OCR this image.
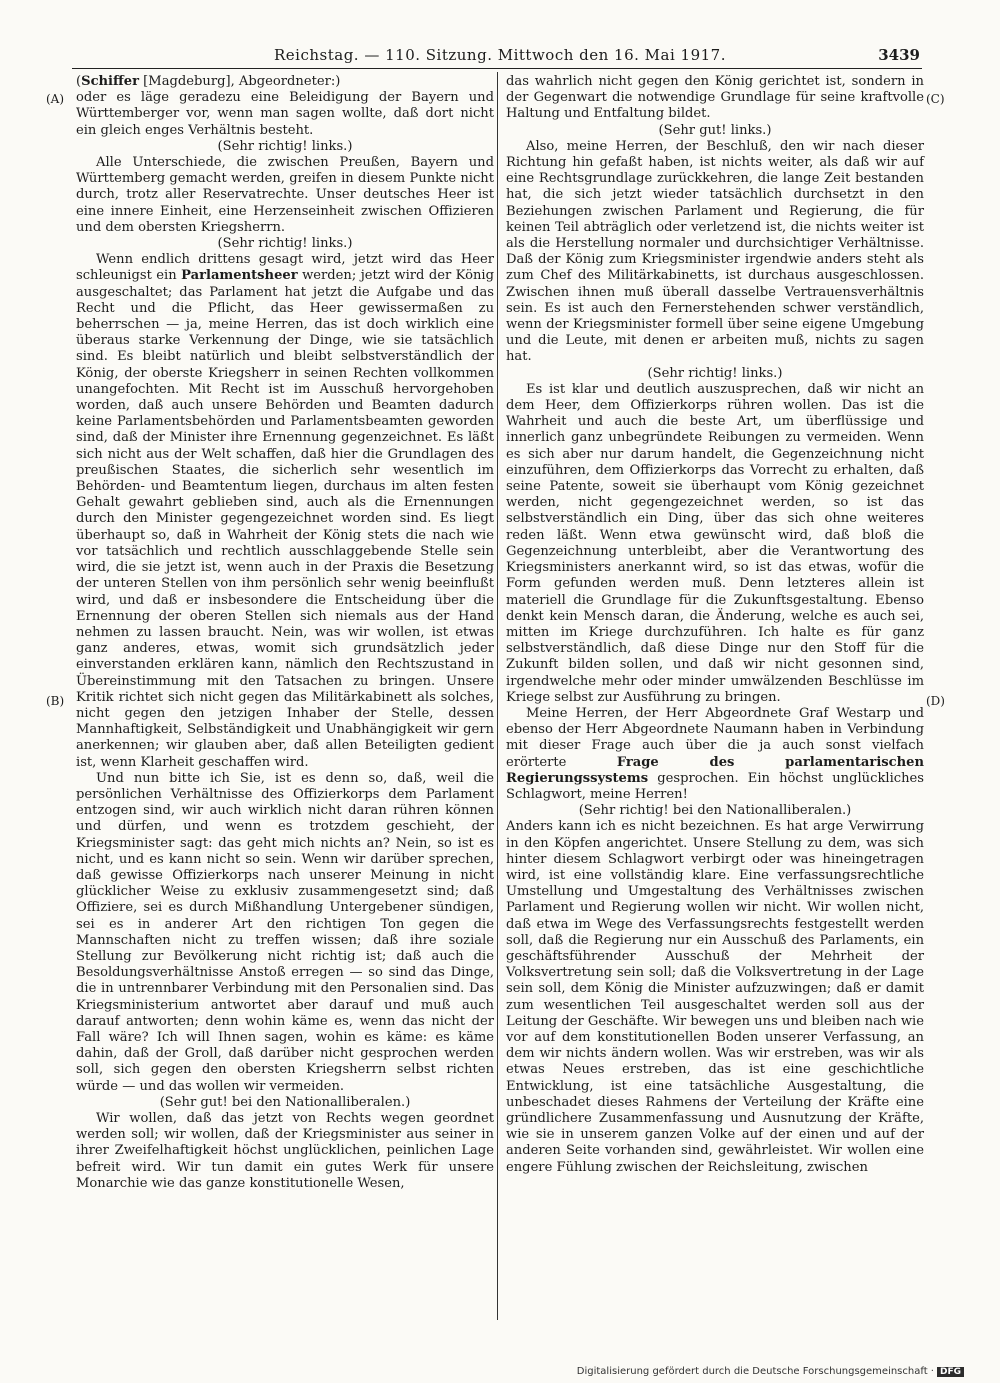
Reichstag. — 110. Sitzung. Mittwoch den 16. Mai 1917.	3439
(A)
(B)
(C)
(D)

(Schiffer [Magdeburg], Abgeordneter:)

oder es läge geradezu eine Beleidigung der Bayern und Württemberger vor, wenn man sagen wollte, daß dort nicht ein gleich enges Verhältnis besteht.

(Sehr richtig! links.)

Alle Unterschiede, die zwischen Preußen, Bayern und Württemberg gemacht werden, greifen in diesem Punkte nicht durch, trotz aller Reservatrechte. Unser deutsches Heer ist eine innere Einheit, eine Herzenseinheit zwischen Offizieren und dem obersten Kriegsherrn.

(Sehr richtig! links.)

Wenn endlich drittens gesagt wird, jetzt wird das Heer schleunigst ein Parlamentsheer werden; jetzt wird der König ausgeschaltet; das Parlament hat jetzt die Aufgabe und das Recht und die Pflicht, das Heer gewissermaßen zu beherrschen — ja, meine Herren, das ist doch wirklich eine überaus starke Verkennung der Dinge, wie sie tatsächlich sind. Es bleibt natürlich und bleibt selbstverständlich der König, der oberste Kriegsherr in seinen Rechten vollkommen unangefochten. Mit Recht ist im Ausschuß hervorgehoben worden, daß auch unsere Behörden und Beamten dadurch keine Parlamentsbehörden und Parlamentsbeamten geworden sind, daß der Minister ihre Ernennung gegenzeichnet. Es läßt sich nicht aus der Welt schaffen, daß hier die Grundlagen des preußischen Staates, die sicherlich sehr wesentlich im Behörden- und Beamtentum liegen, durchaus im alten festen Gehalt gewahrt geblieben sind, auch als die Ernennungen durch den Minister gegengezeichnet worden sind. Es liegt überhaupt so, daß in Wahrheit der König stets die nach wie vor tatsächlich und rechtlich ausschlaggebende Stelle sein wird, die sie jetzt ist, wenn auch in der Praxis die Besetzung der unteren Stellen von ihm persönlich sehr wenig beeinflußt wird, und daß er insbesondere die Entscheidung über die Ernennung der oberen Stellen sich niemals aus der Hand nehmen zu lassen braucht. Nein, was wir wollen, ist etwas ganz anderes, etwas, womit sich grundsätzlich jeder einverstanden erklären kann, nämlich den Rechtszustand in Übereinstimmung mit den Tatsachen zu bringen. Unsere Kritik richtet sich nicht gegen das Militärkabinett als solches, nicht gegen den jetzigen Inhaber der Stelle, dessen Mannhaftigkeit, Selbständigkeit und Unabhängigkeit wir gern anerkennen; wir glauben aber, daß allen Beteiligten gedient ist, wenn Klarheit geschaffen wird.

Und nun bitte ich Sie, ist es denn so, daß, weil die persönlichen Verhältnisse des Offizierkorps dem Parlament entzogen sind, wir auch wirklich nicht daran rühren können und dürfen, und wenn es trotzdem geschieht, der Kriegsminister sagt: das geht mich nichts an? Nein, so ist es nicht, und es kann nicht so sein. Wenn wir darüber sprechen, daß gewisse Offizierkorps nach unserer Meinung in nicht glücklicher Weise zu exklusiv zusammengesetzt sind; daß Offiziere, sei es durch Mißhandlung Untergebener sündigen, sei es in anderer Art den richtigen Ton gegen die Mannschaften nicht zu treffen wissen; daß ihre soziale Stellung zur Bevölkerung nicht richtig ist; daß auch die Besoldungsverhältnisse Anstoß erregen — so sind das Dinge, die in untrennbarer Verbindung mit den Personalien sind. Das Kriegsministerium antwortet aber darauf und muß auch darauf antworten; denn wohin käme es, wenn das nicht der Fall wäre? Ich will Ihnen sagen, wohin es käme: es käme dahin, daß der Groll, daß darüber nicht gesprochen werden soll, sich gegen den obersten Kriegsherrn selbst richten würde — und das wollen wir vermeiden.

(Sehr gut! bei den Nationalliberalen.)

Wir wollen, daß das jetzt von Rechts wegen geordnet werden soll; wir wollen, daß der Kriegsminister aus seiner in ihrer Zweifelhaftigkeit höchst unglücklichen, peinlichen Lage befreit wird. Wir tun damit ein gutes Werk für unsere Monarchie wie das ganze konstitutionelle Wesen,

das wahrlich nicht gegen den König gerichtet ist, sondern in der Gegenwart die notwendige Grundlage für seine kraftvolle Haltung und Entfaltung bildet.

(Sehr gut! links.)

Also, meine Herren, der Beschluß, den wir nach dieser Richtung hin gefaßt haben, ist nichts weiter, als daß wir auf eine Rechtsgrundlage zurückkehren, die lange Zeit bestanden hat, die sich jetzt wieder tatsächlich durchsetzt in den Beziehungen zwischen Parlament und Regierung, die für keinen Teil abträglich oder verletzend ist, die nichts weiter ist als die Herstellung normaler und durchsichtiger Verhältnisse. Daß der König zum Kriegsminister irgendwie anders steht als zum Chef des Militärkabinetts, ist durchaus ausgeschlossen. Zwischen ihnen muß überall dasselbe Vertrauensverhältnis sein. Es ist auch den Fernerstehenden schwer verständlich, wenn der Kriegsminister formell über seine eigene Umgebung und die Leute, mit denen er arbeiten muß, nichts zu sagen hat.

(Sehr richtig! links.)

Es ist klar und deutlich auszusprechen, daß wir nicht an dem Heer, dem Offizierkorps rühren wollen. Das ist die Wahrheit und auch die beste Art, um überflüssige und innerlich ganz unbegründete Reibungen zu vermeiden. Wenn es sich aber nur darum handelt, die Gegenzeichnung nicht einzuführen, dem Offizierkorps das Vorrecht zu erhalten, daß seine Patente, soweit sie überhaupt vom König gezeichnet werden, nicht gegengezeichnet werden, so ist das selbstverständlich ein Ding, über das sich ohne weiteres reden läßt. Wenn etwa gewünscht wird, daß bloß die Gegenzeichnung unterbleibt, aber die Verantwortung des Kriegsministers anerkannt wird, so ist das etwas, wofür die Form gefunden werden muß. Denn letzteres allein ist materiell die Grundlage für die Zukunftsgestaltung. Ebenso denkt kein Mensch daran, die Änderung, welche es auch sei, mitten im Kriege durchzuführen. Ich halte es für ganz selbstverständlich, daß diese Dinge nur den Stoff für die Zukunft bilden sollen, und daß wir nicht gesonnen sind, irgendwelche mehr oder minder umwälzenden Beschlüsse im Kriege selbst zur Ausführung zu bringen.

Meine Herren, der Herr Abgeordnete Graf Westarp und ebenso der Herr Abgeordnete Naumann haben in Verbindung mit dieser Frage auch über die ja auch sonst vielfach erörterte Frage des parlamentarischen Regierungssystems gesprochen. Ein höchst unglückliches Schlagwort, meine Herren!

(Sehr richtig! bei den Nationalliberalen.)

Anders kann ich es nicht bezeichnen. Es hat arge Verwirrung in den Köpfen angerichtet. Unsere Stellung zu dem, was sich hinter diesem Schlagwort verbirgt oder was hineingetragen wird, ist eine vollständig klare. Eine verfassungsrechtliche Umstellung und Umgestaltung des Verhältnisses zwischen Parlament und Regierung wollen wir nicht. Wir wollen nicht, daß etwa im Wege des Verfassungsrechts festgestellt werden soll, daß die Regierung nur ein Ausschuß des Parlaments, ein geschäftsführender Ausschuß der Mehrheit der Volksvertretung sein soll; daß die Volksvertretung in der Lage sein soll, dem König die Minister aufzuzwingen; daß er damit zum wesentlichen Teil ausgeschaltet werden soll aus der Leitung der Geschäfte. Wir bewegen uns und bleiben nach wie vor auf dem konstitutionellen Boden unserer Verfassung, an dem wir nichts ändern wollen. Was wir erstreben, was wir als etwas Neues erstreben, das ist eine geschichtliche Entwicklung, ist eine tatsächliche Ausgestaltung, die unbeschadet dieses Rahmens der Verteilung der Kräfte eine gründlichere Zusammenfassung und Ausnutzung der Kräfte, wie sie in unserem ganzen Volke auf der einen und auf der anderen Seite vorhanden sind, gewährleistet. Wir wollen eine engere Fühlung zwischen der Reichsleitung, zwischen

Digitalisierung gefördert durch die Deutsche Forschungsgemeinschaft · DFG
